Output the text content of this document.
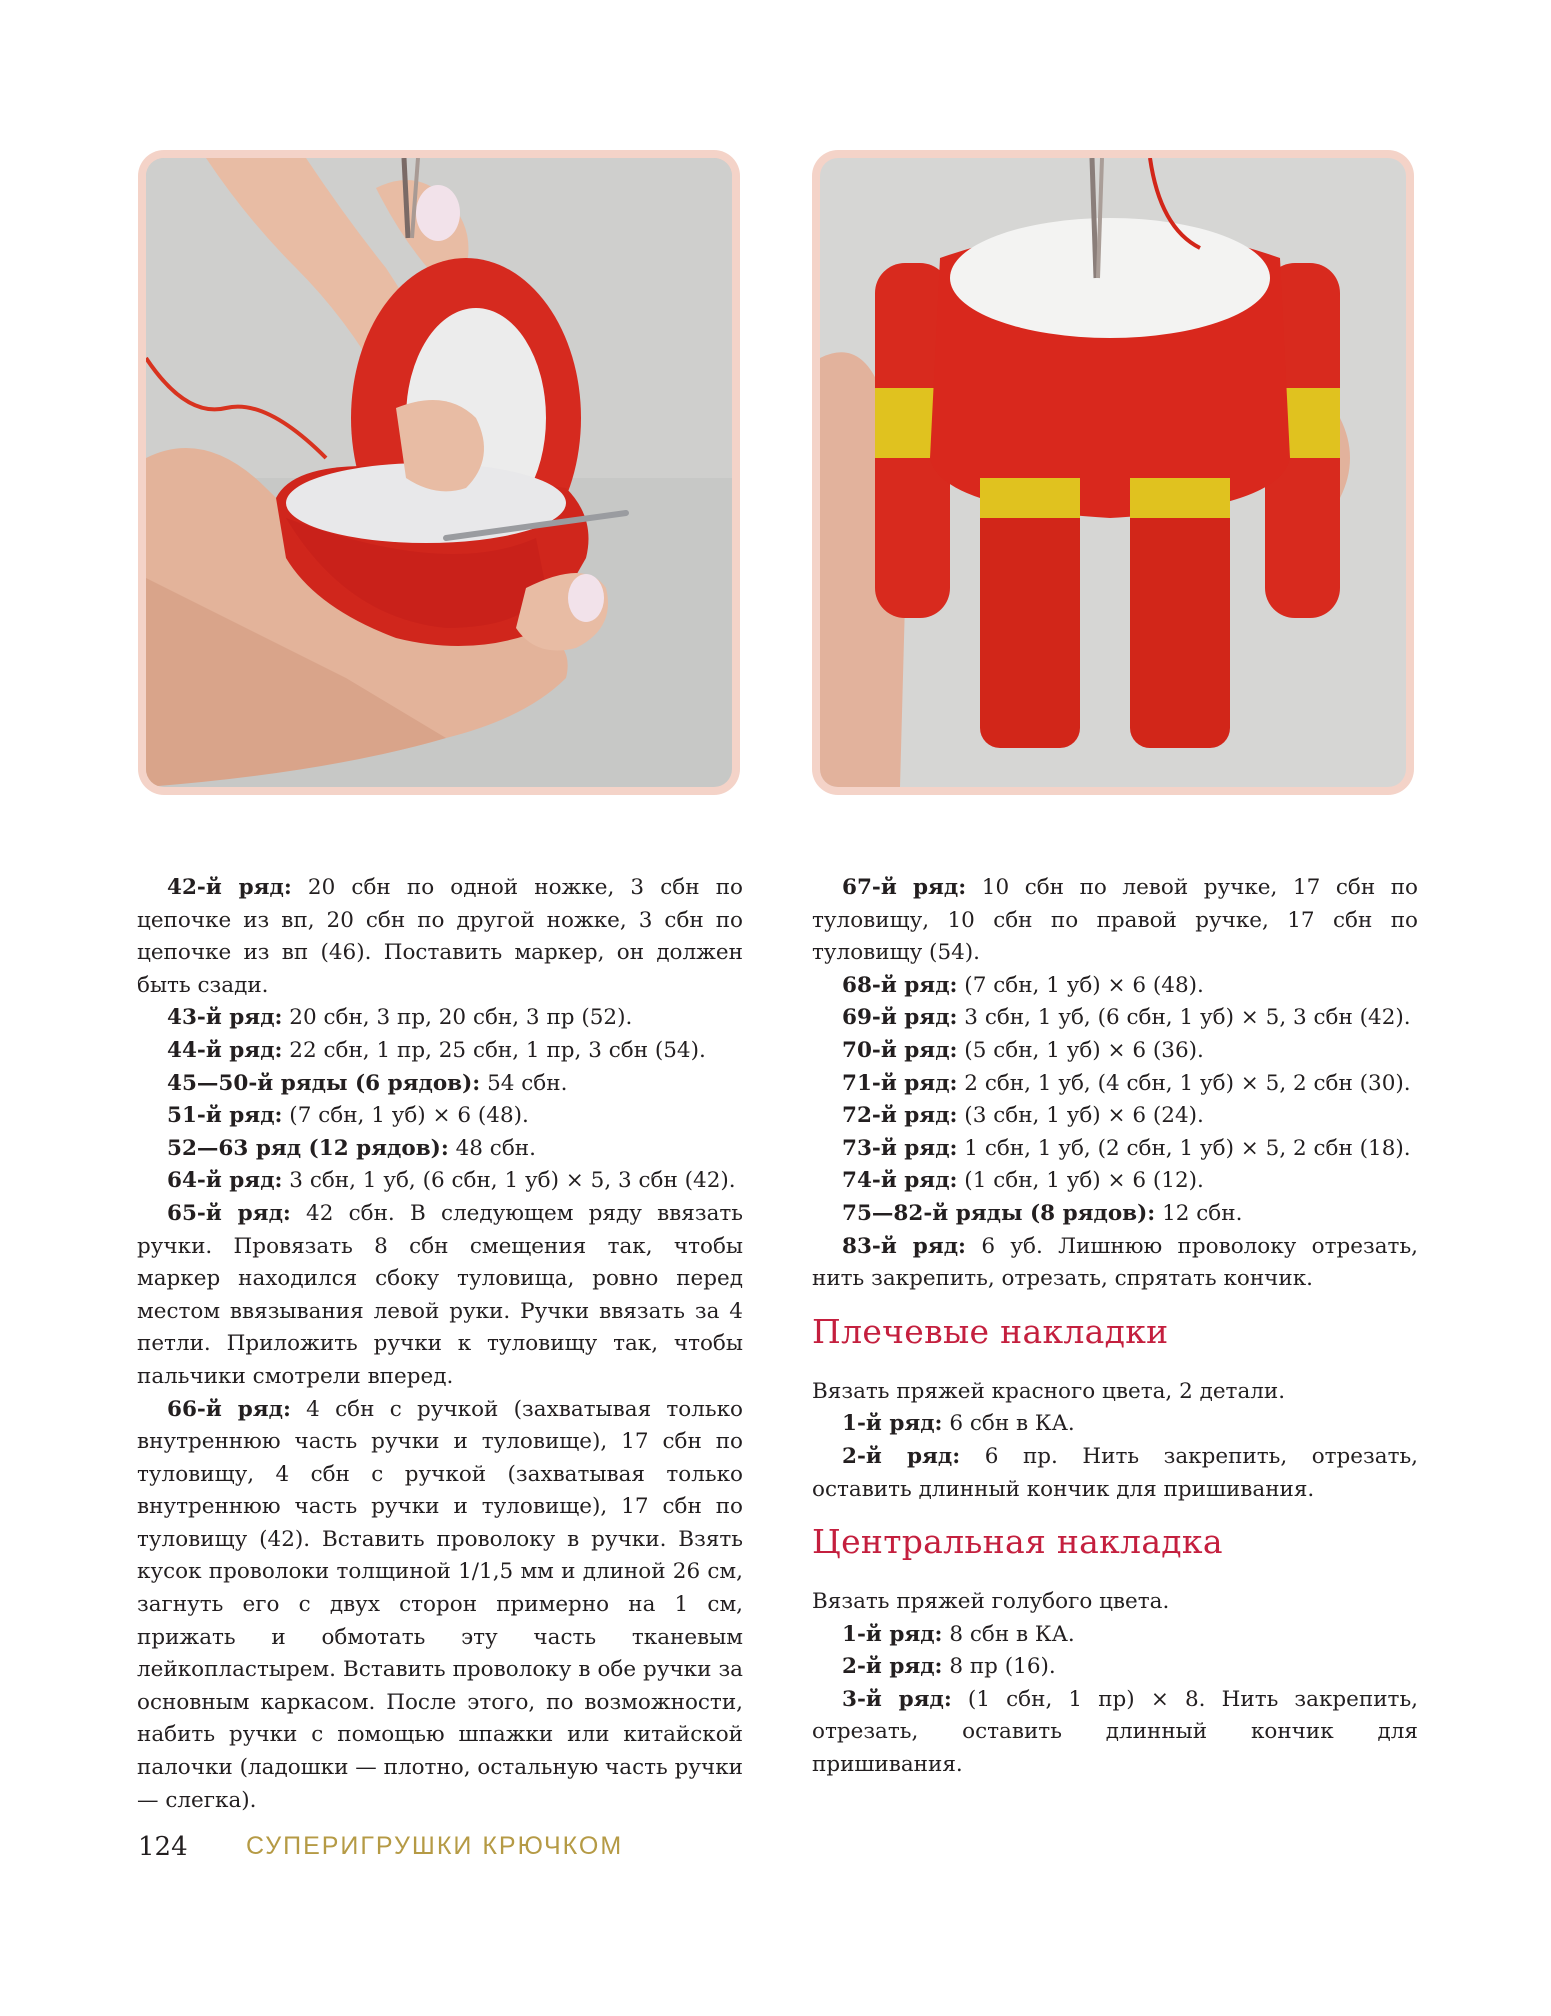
42-й ряд: 20 сбн по одной ножке, 3 сбн по цепочке из вп, 20 сбн по другой ножке, 3 сбн по цепочке из вп (46). Поставить маркер, он должен быть сзади.

43-й ряд: 20 сбн, 3 пр, 20 сбн, 3 пр (52).

44-й ряд: 22 сбн, 1 пр, 25 сбн, 1 пр, 3 сбн (54).

45—50-й ряды (6 рядов): 54 сбн.

51-й ряд: (7 сбн, 1 уб) × 6 (48).

52—63 ряд (12 рядов): 48 сбн.

64-й ряд: 3 сбн, 1 уб, (6 сбн, 1 уб) × 5, 3 сбн (42).

65-й ряд: 42 сбн. В следующем ряду ввязать ручки. Провязать 8 сбн смещения так, чтобы маркер находился сбоку туловища, ровно перед местом ввязывания левой руки. Ручки ввязать за 4 петли. Приложить ручки к туловищу так, чтобы пальчики смотрели вперед.

66-й ряд: 4 сбн с ручкой (захватывая только внутреннюю часть ручки и туловище), 17 сбн по туловищу, 4 сбн с ручкой (захватывая только внутреннюю часть ручки и туловище), 17 сбн по туловищу (42). Вставить проволоку в ручки. Взять кусок проволоки толщиной 1/1,5 мм и длиной 26 см, загнуть его с двух сторон примерно на 1 см, прижать и обмотать эту часть тканевым лейкопластырем. Вставить проволоку в обе ручки за основным каркасом. После этого, по возможности, набить ручки с помощью шпажки или китайской палочки (ладошки — плотно, остальную часть ручки — слегка).

67-й ряд: 10 сбн по левой ручке, 17 сбн по туловищу, 10 сбн по правой ручке, 17 сбн по туловищу (54).

68-й ряд: (7 сбн, 1 уб) × 6 (48).

69-й ряд: 3 сбн, 1 уб, (6 сбн, 1 уб) × 5, 3 сбн (42).

70-й ряд: (5 сбн, 1 уб) × 6 (36).

71-й ряд: 2 сбн, 1 уб, (4 сбн, 1 уб) × 5, 2 сбн (30).

72-й ряд: (3 сбн, 1 уб) × 6 (24).

73-й ряд: 1 сбн, 1 уб, (2 сбн, 1 уб) × 5, 2 сбн (18).

74-й ряд: (1 сбн, 1 уб) × 6 (12).

75—82-й ряды (8 рядов): 12 сбн.

83-й ряд: 6 уб. Лишнюю проволоку отрезать, нить закрепить, отрезать, спрятать кончик.

Плечевые накладки

Вязать пряжей красного цвета, 2 детали.

1-й ряд: 6 сбн в КА.

2-й ряд: 6 пр. Нить закрепить, отрезать, оставить длинный кончик для пришивания.

Центральная накладка

Вязать пряжей голубого цвета.

1-й ряд: 8 сбн в КА.

2-й ряд: 8 пр (16).

3-й ряд: (1 сбн, 1 пр) × 8. Нить закрепить, отрезать, оставить длинный кончик для пришивания.

124 СУПЕРИГРУШКИ КРЮЧКОМ
